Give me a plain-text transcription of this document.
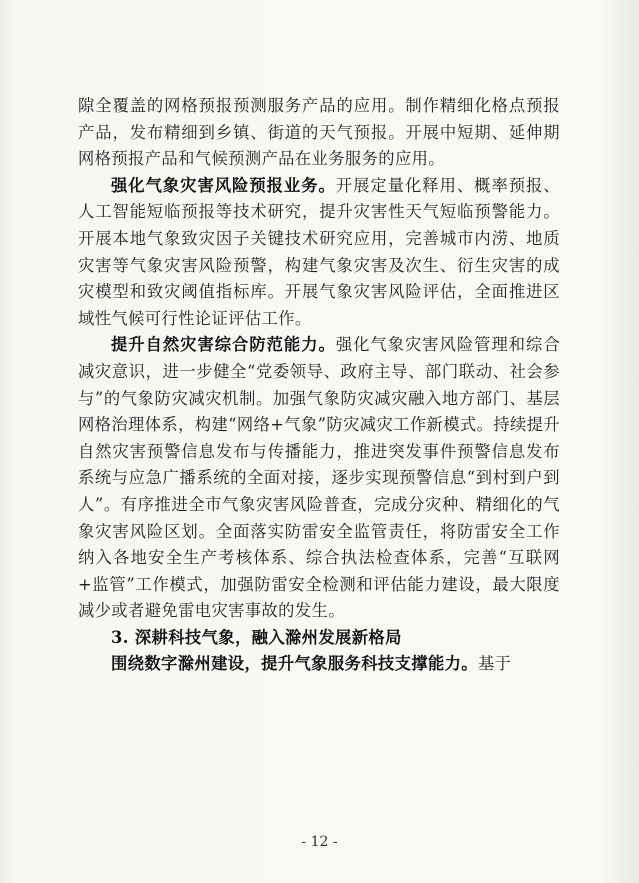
隙全覆盖的网格预报预测服务产品的应用。制作精细化格点预报产品，发布精细到乡镇、街道的天气预报。开展中短期、延伸期网格预报产品和气候预测产品在业务服务的应用。

强化气象灾害风险预报业务。开展定量化释用、概率预报、人工智能短临预报等技术研究，提升灾害性天气短临预警能力。开展本地气象致灾因子关键技术研究应用，完善城市内涝、地质灾害等气象灾害风险预警，构建气象灾害及次生、衍生灾害的成灾模型和致灾阈值指标库。开展气象灾害风险评估，全面推进区域性气候可行性论证评估工作。

提升自然灾害综合防范能力。强化气象灾害风险管理和综合减灾意识，进一步健全“党委领导、政府主导、部门联动、社会参与”的气象防灾减灾机制。加强气象防灾减灾融入地方部门、基层网格治理体系，构建“网络+气象”防灾减灾工作新模式。持续提升自然灾害预警信息发布与传播能力，推进突发事件预警信息发布系统与应急广播系统的全面对接，逐步实现预警信息“到村到户到人”。有序推进全市气象灾害风险普查，完成分灾种、精细化的气象灾害风险区划。全面落实防雷安全监管责任，将防雷安全工作纳入各地安全生产考核体系、综合执法检查体系，完善“互联网+监管”工作模式，加强防雷安全检测和评估能力建设，最大限度减少或者避免雷电灾害事故的发生。

3. 深耕科技气象，融入滁州发展新格局

围绕数字滁州建设，提升气象服务科技支撑能力。基于

- 12 -
